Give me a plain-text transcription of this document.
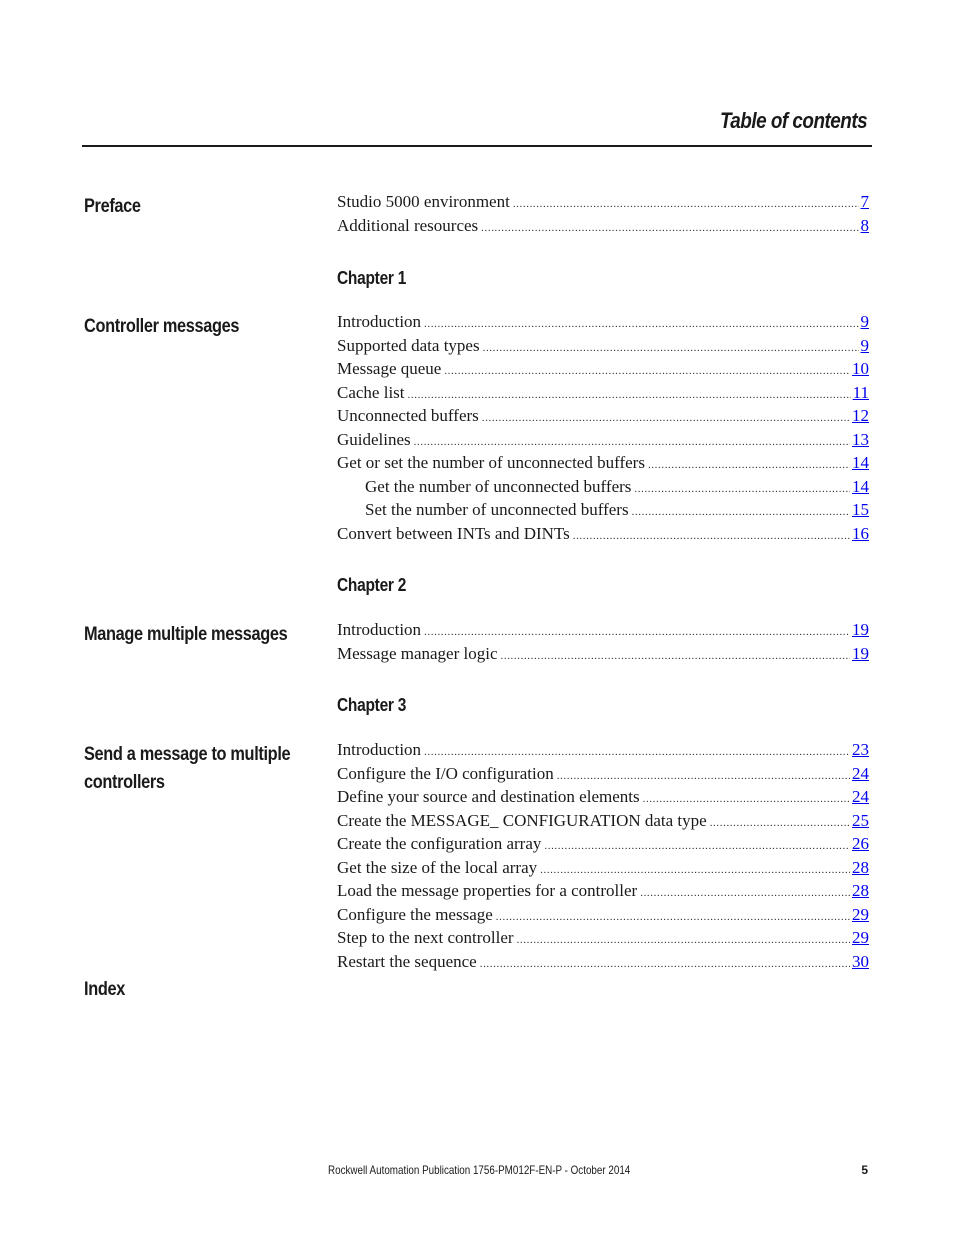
Table of contents
Preface	Studio 5000 environment .....	7
Additional resources .....	8
Chapter 1
Controller messages	Introduction .....	9
Supported data types .....	9
Message queue .....	10
Cache list .....	11
Unconnected buffers .....	12
Guidelines .....	13
Get or set the number of unconnected buffers .....	14
Get the number of unconnected buffers .....	14
Set the number of unconnected buffers .....	15
Convert between INTs and DINTs .....	16
Chapter 2
Manage multiple messages	Introduction .....	19
Message manager logic .....	19
Chapter 3
Send a message to multiple
controllers
Introduction .....	23
Configure the I/O configuration .....	24
Define your source and destination elements .....	24
Create the MESSAGE_ CONFIGURATION data type .....	25
Create the configuration array .....	26
Get the size of the local array .....	28
Load the message properties for a controller .....	28
Configure the message .....	29
Step to the next controller .....	29
Restart the sequence .....	30
Index
Rockwell Automation Publication 1756-PM012F-EN-P - October 2014	5
